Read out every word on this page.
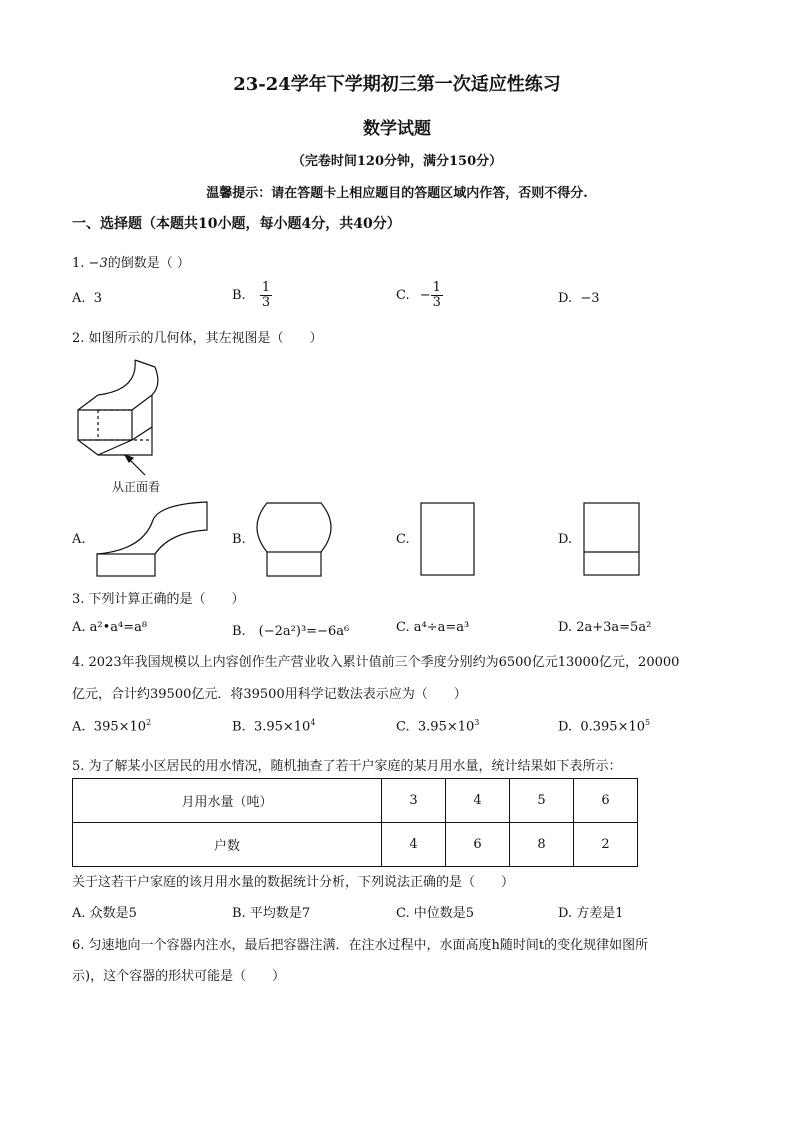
23-24学年下学期初三第一次适应性练习
数学试题
（完卷时间120分钟，满分150分）
温馨提示：请在答题卡上相应题目的答题区域内作答，否则不得分.
一、选择题（本题共10小题，每小题4分，共40分）
1. −3的倒数是（ ）
A. 3	B. $\frac{1}{3}$	C. − $\frac{1}{3}$	D. −3
2. 如图所示的几何体，其左视图是（　　）
从正面看
A.	B.	C.	D.
3. 下列计算正确的是（　　）
A. a²•a⁴=a⁸	B.　(−2a²)³=−6a⁶	C. a⁴÷a=a³	D. 2a+3a=5a²
4. 2023年我国规模以上内容创作生产营业收入累计值前三个季度分别约为6500亿元13000亿元，20000
亿元，合计约39500亿元．将39500用科学记数法表示应为（　　）
A. $395\times 10^2$	B. $3.95\times 10^4$	C. $3.95\times 10^3$	D. $0.395\times 10^5$
5. 为了解某小区居民的用水情况，随机抽查了若干户家庭的某月用水量，统计结果如下表所示：
月用水量（吨）	3	4	5	6
户数	4	6	8	2
关于这若干户家庭的该月用水量的数据统计分析，下列说法正确的是（　　）
A. 众数是5	B. 平均数是7	C. 中位数是5	D. 方差是1
6. 匀速地向一个容器内注水，最后把容器注满．在注水过程中，水面高度h随时间t的变化规律如图所
示)，这个容器的形状可能是（　　）
